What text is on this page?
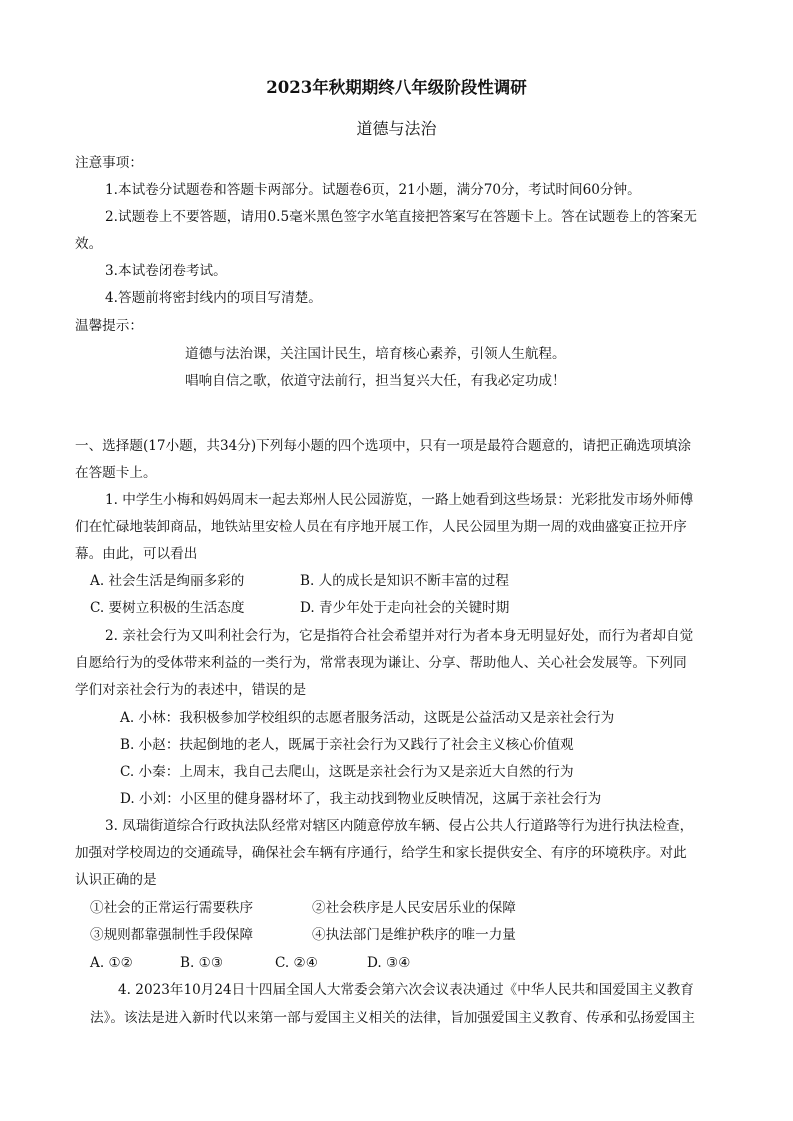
2023年秋期期终八年级阶段性调研
道德与法治
注意事项：
1.本试卷分试题卷和答题卡两部分。试题卷6页，21小题，满分70分，考试时间60分钟。
2.试题卷上不要答题，请用0.5毫米黑色签字水笔直接把答案写在答题卡上。答在试题卷上的答案无
效。
3.本试卷闭卷考试。
4.答题前将密封线内的项目写清楚。
温馨提示：
道德与法治课，关注国计民生，培育核心素养，引领人生航程。
唱响自信之歌，依道守法前行，担当复兴大任，有我必定功成！
一、选择题(17小题，共34分)下列每小题的四个选项中，只有一项是最符合题意的，请把正确选项填涂
在答题卡上。
1. 中学生小梅和妈妈周末一起去郑州人民公园游览，一路上她看到这些场景：光彩批发市场外师傅
们在忙碌地装卸商品，地铁站里安检人员在有序地开展工作，人民公园里为期一周的戏曲盛宴正拉开序
幕。由此，可以看出
A. 社会生活是绚丽多彩的	B. 人的成长是知识不断丰富的过程
C. 要树立积极的生活态度	D. 青少年处于走向社会的关键时期
2. 亲社会行为又叫利社会行为，它是指符合社会希望并对行为者本身无明显好处，而行为者却自觉
自愿给行为的受体带来利益的一类行为，常常表现为谦让、分享、帮助他人、关心社会发展等。下列同
学们对亲社会行为的表述中，错误的是
A. 小林：我积极参加学校组织的志愿者服务活动，这既是公益活动又是亲社会行为
B. 小赵：扶起倒地的老人，既属于亲社会行为又践行了社会主义核心价值观
C. 小秦：上周末，我自己去爬山，这既是亲社会行为又是亲近大自然的行为
D. 小刘：小区里的健身器材坏了，我主动找到物业反映情况，这属于亲社会行为
3. 凤瑞街道综合行政执法队经常对辖区内随意停放车辆、侵占公共人行道路等行为进行执法检查，
加强对学校周边的交通疏导，确保社会车辆有序通行，给学生和家长提供安全、有序的环境秩序。对此
认识正确的是
①社会的正常运行需要秩序	②社会秩序是人民安居乐业的保障
③规则都靠强制性手段保障	④执法部门是维护秩序的唯一力量
A. ①②	B. ①③	C. ②④	D. ③④
4. 2023年10月24日十四届全国人大常委会第六次会议表决通过《中华人民共和国爱国主义教育
法》。该法是进入新时代以来第一部与爱国主义相关的法律，旨加强爱国主义教育、传承和弘扬爱国主
